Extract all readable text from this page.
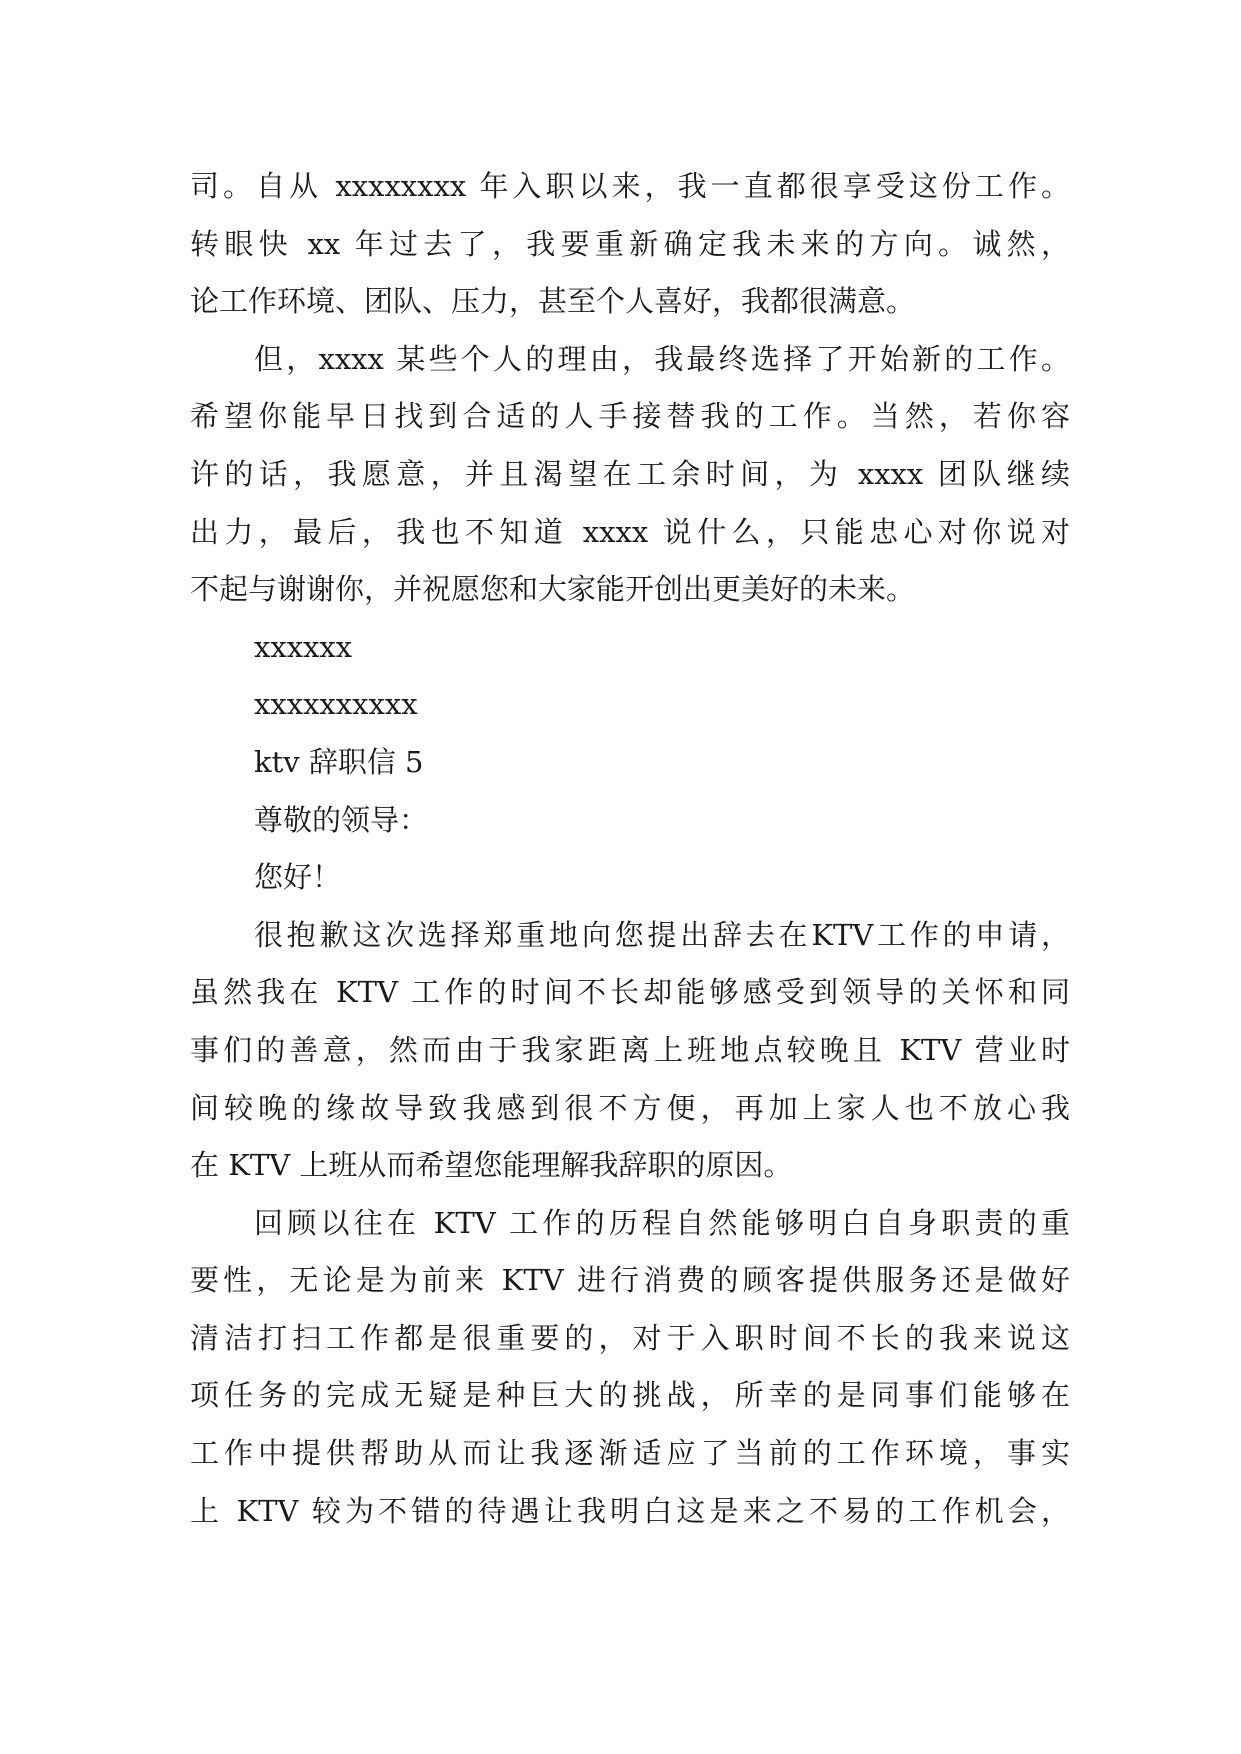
司。自从 xxxxxxxx 年入职以来，我一直都很享受这份工作。
转眼快 xx 年过去了，我要重新确定我未来的方向。诚然，
论工作环境、团队、压力，甚至个人喜好，我都很满意。
但，xxxx 某些个人的理由，我最终选择了开始新的工作。
希望你能早日找到合适的人手接替我的工作。当然，若你容
许的话，我愿意，并且渴望在工余时间，为 xxxx 团队继续
出力，最后，我也不知道 xxxx 说什么，只能忠心对你说对
不起与谢谢你，并祝愿您和大家能开创出更美好的未来。
xxxxxx
xxxxxxxxxx
ktv 辞职信 5
尊敬的领导：
您好！
很抱歉这次选择郑重地向您提出辞去在KTV工作的申请，
虽然我在 KTV 工作的时间不长却能够感受到领导的关怀和同
事们的善意，然而由于我家距离上班地点较晚且 KTV 营业时
间较晚的缘故导致我感到很不方便，再加上家人也不放心我
在 KTV 上班从而希望您能理解我辞职的原因。
回顾以往在 KTV 工作的历程自然能够明白自身职责的重
要性，无论是为前来 KTV 进行消费的顾客提供服务还是做好
清洁打扫工作都是很重要的，对于入职时间不长的我来说这
项任务的完成无疑是种巨大的挑战，所幸的是同事们能够在
工作中提供帮助从而让我逐渐适应了当前的工作环境，事实
上 KTV 较为不错的待遇让我明白这是来之不易的工作机会，
